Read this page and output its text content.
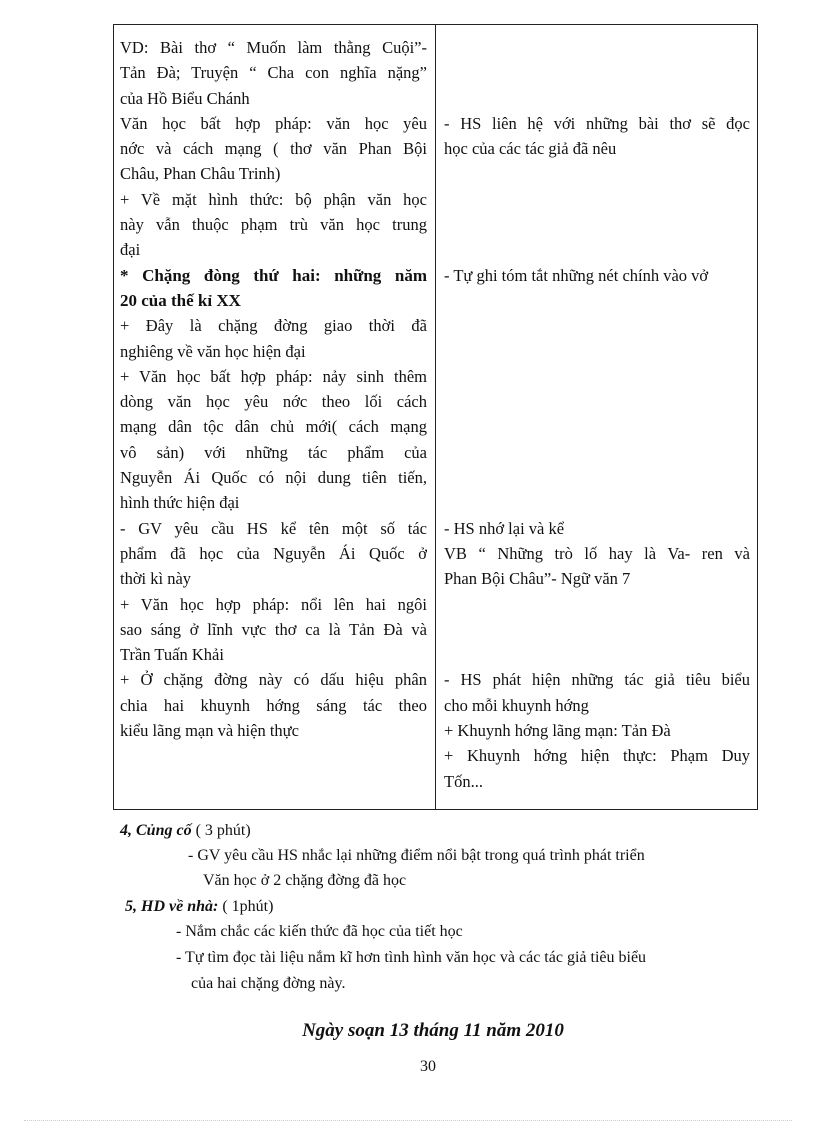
VD: Bài thơ “ Muốn làm thằng Cuội”-
Tản Đà; Truyện “ Cha con nghĩa nặng”
của Hồ Biểu Chánh
Văn học bất hợp pháp: văn học yêu
nớc và cách mạng ( thơ văn Phan Bội
Châu, Phan Châu Trinh)
+ Về mặt hình thức: bộ phận văn học
này vẫn thuộc phạm trù văn học trung
đại
* Chặng đòng thứ hai: những năm
20 của thế kỉ XX
+ Đây là chặng đờng giao thời đã
nghiêng về văn học hiện đại
+ Văn học bất hợp pháp: nảy sinh thêm
dòng văn học yêu nớc theo lối cách
mạng dân tộc dân chủ mới( cách mạng
vô sản) với những tác phẩm của
Nguyễn Ái Quốc có nội dung tiên tiến,
hình thức hiện đại
- GV yêu cầu HS kể tên một số tác
phẩm đã học của Nguyễn Ái Quốc ở
thời kì này
+ Văn học hợp pháp: nổi lên hai ngôi
sao sáng ở lĩnh vực thơ ca là Tản Đà và
Trần Tuấn Khải
+ Ở chặng đờng này có dấu hiệu phân
chia hai khuynh hớng sáng tác theo
kiểu lãng mạn và hiện thực
- HS liên hệ với những bài thơ sẽ đọc
học của các tác giả đã nêu
- Tự ghi tóm tắt những nét chính vào vở
- HS nhớ lại và kể
VB “ Những trò lố hay là Va- ren và
Phan Bội Châu”- Ngữ văn 7
- HS phát hiện những tác giả tiêu biểu
cho mỗi khuynh hớng
+ Khuynh hớng lãng mạn: Tản Đà
+ Khuynh hớng hiện thực: Phạm Duy
Tốn...
4, Củng cố ( 3 phút)
- GV yêu cầu HS nhắc lại những điểm nổi bật trong quá trình phát triển
Văn học ở 2 chặng đờng đã học
5, HD về nhà: ( 1phút)
- Nắm chắc các kiến thức đã học của tiết học
- Tự tìm đọc tài liệu nắm kĩ hơn tình hình văn học và các tác giả tiêu biểu
của hai chặng đờng này.
Ngày soạn 13 tháng 11 năm 2010
30
